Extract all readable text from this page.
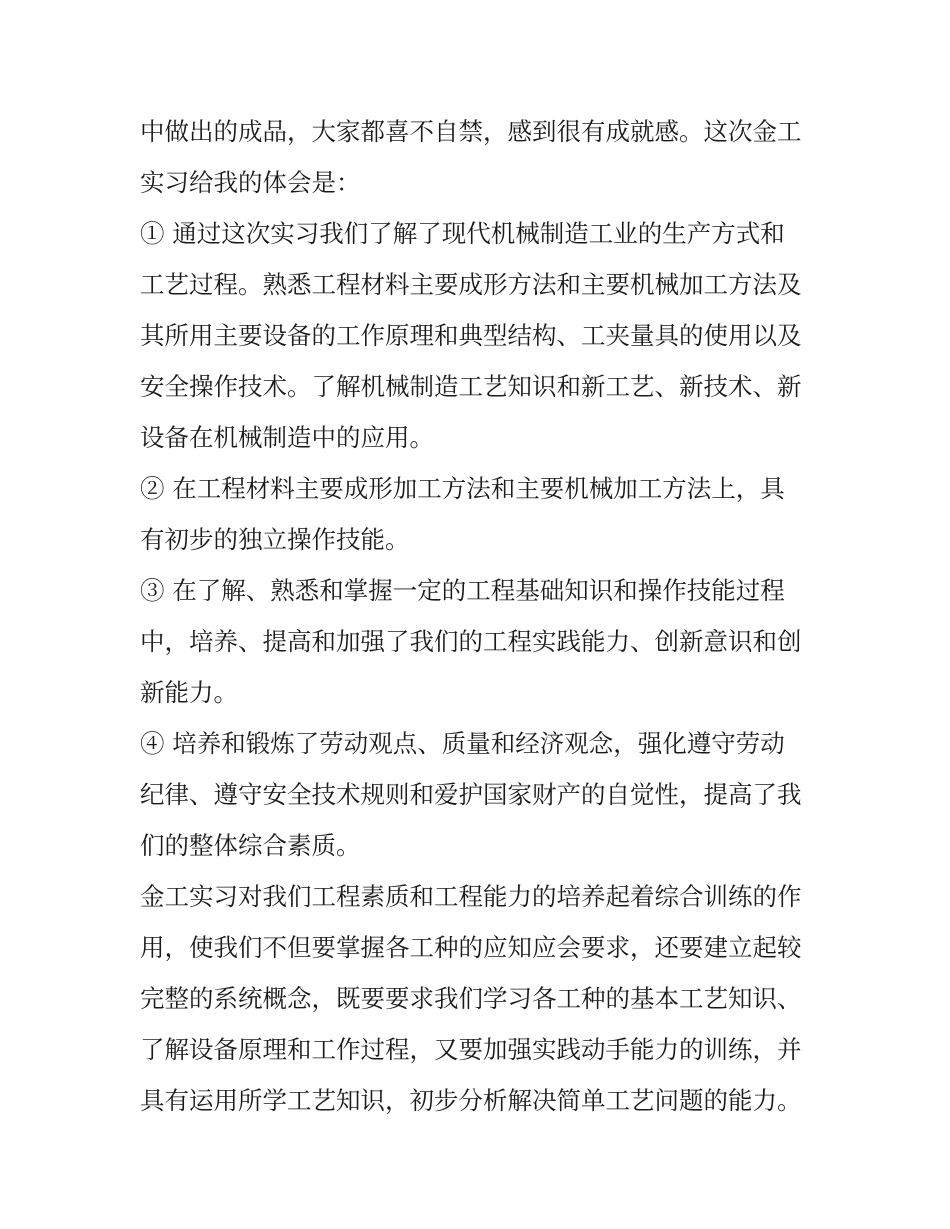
中做出的成品，大家都喜不自禁，感到很有成就感。这次金工
实习给我的体会是：
① 通过这次实习我们了解了现代机械制造工业的生产方式和
工艺过程。熟悉工程材料主要成形方法和主要机械加工方法及
其所用主要设备的工作原理和典型结构、工夹量具的使用以及
安全操作技术。了解机械制造工艺知识和新工艺、新技术、新
设备在机械制造中的应用。
② 在工程材料主要成形加工方法和主要机械加工方法上，具
有初步的独立操作技能。
③ 在了解、熟悉和掌握一定的工程基础知识和操作技能过程
中，培养、提高和加强了我们的工程实践能力、创新意识和创
新能力。
④ 培养和锻炼了劳动观点、质量和经济观念，强化遵守劳动
纪律、遵守安全技术规则和爱护国家财产的自觉性，提高了我
们的整体综合素质。
金工实习对我们工程素质和工程能力的培养起着综合训练的作
用，使我们不但要掌握各工种的应知应会要求，还要建立起较
完整的系统概念，既要要求我们学习各工种的基本工艺知识、
了解设备原理和工作过程，又要加强实践动手能力的训练，并
具有运用所学工艺知识，初步分析解决简单工艺问题的能力。
